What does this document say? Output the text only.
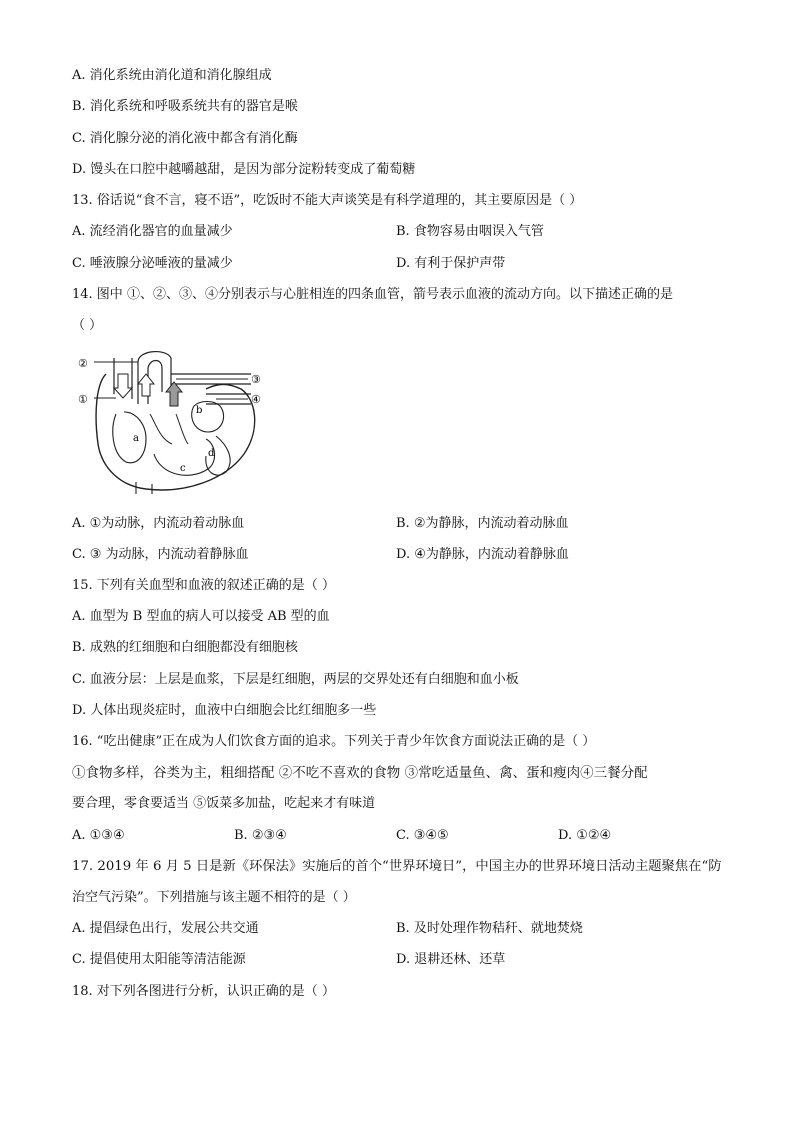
A. 消化系统由消化道和消化腺组成
B. 消化系统和呼吸系统共有的器官是喉
C. 消化腺分泌的消化液中都含有消化酶
D. 馒头在口腔中越嚼越甜，是因为部分淀粉转变成了葡萄糖
13. 俗话说“食不言，寝不语”，吃饭时不能大声谈笑是有科学道理的，其主要原因是（ ）
A. 流经消化器官的血量减少	B. 食物容易由咽误入气管
C. 唾液腺分泌唾液的量减少	D. 有利于保护声带
14. 图中 ①、②、③、④分别表示与心脏相连的四条血管，箭号表示血液的流动方向。以下描述正确的是
（ ）
②
①
③
④
a
b
c
d
A. ①为动脉，内流动着动脉血	B. ②为静脉，内流动着动脉血
C. ③ 为动脉，内流动着静脉血	D. ④为静脉，内流动着静脉血
15. 下列有关血型和血液的叙述正确的是（ ）
A. 血型为 B 型血的病人可以接受 AB 型的血
B. 成熟的红细胞和白细胞都没有细胞核
C. 血液分层：上层是血浆，下层是红细胞，两层的交界处还有白细胞和血小板
D. 人体出现炎症时，血液中白细胞会比红细胞多一些
16. “吃出健康”正在成为人们饮食方面的追求。下列关于青少年饮食方面说法正确的是（ ）
①食物多样，谷类为主，粗细搭配 ②不吃不喜欢的食物 ③常吃适量鱼、禽、蛋和瘦肉④三餐分配
要合理，零食要适当 ⑤饭菜多加盐，吃起来才有味道
A. ①③④	B. ②③④	C. ③④⑤	D. ①②④
17. 2019 年 6 月 5 日是新《环保法》实施后的首个“世界环境日”，中国主办的世界环境日活动主题聚焦在“防
治空气污染”。下列措施与该主题不相符的是（ ）
A. 提倡绿色出行，发展公共交通	B. 及时处理作物秸秆、就地焚烧
C. 提倡使用太阳能等清洁能源	D. 退耕还林、还草
18. 对下列各图进行分析，认识正确的是（ ）
